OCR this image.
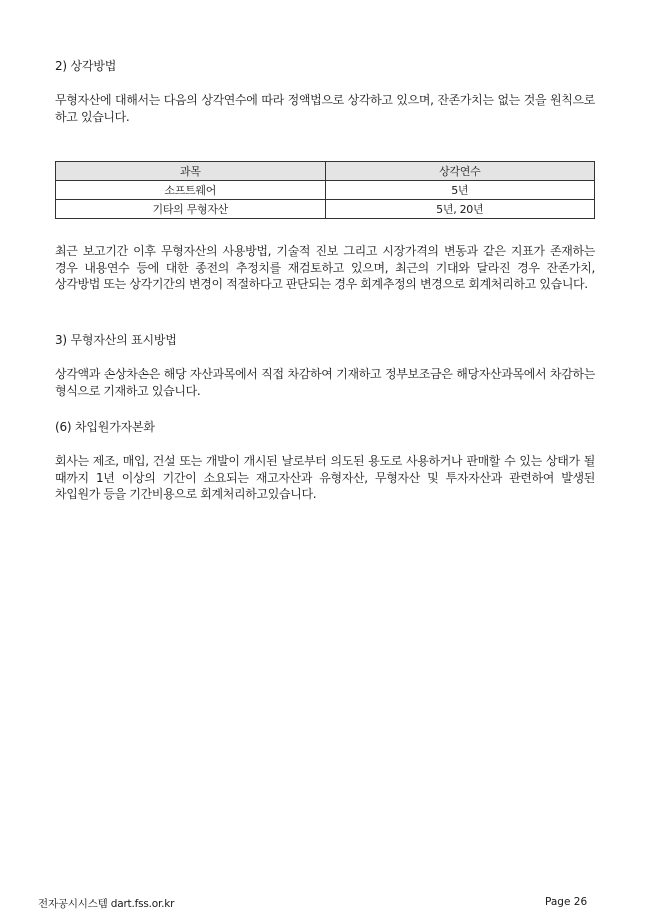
2) 상각방법
무형자산에 대해서는 다음의 상각연수에 따라 정액법으로 상각하고 있으며, 잔존가치는 없는 것을 원칙으로 하고 있습니다.
과목	상각연수
소프트웨어	5년
기타의 무형자산	5년, 20년
최근 보고기간 이후 무형자산의 사용방법, 기술적 진보 그리고 시장가격의 변동과 같은 지표가 존재하는 경우 내용연수 등에 대한 종전의 추정치를 재검토하고 있으며, 최근의 기대와 달라진 경우 잔존가치, 상각방법 또는 상각기간의 변경이 적절하다고 판단되는 경우 회계추정의 변경으로 회계처리하고 있습니다.
3) 무형자산의 표시방법
상각액과 손상차손은 해당 자산과목에서 직접 차감하여 기재하고 정부보조금은 해당자산과목에서 차감하는 형식으로 기재하고 있습니다.
(6) 차입원가자본화
회사는 제조, 매입, 건설 또는 개발이 개시된 날로부터 의도된 용도로 사용하거나 판매할 수 있는 상태가 될 때까지 1년 이상의 기간이 소요되는 재고자산과 유형자산, 무형자산 및 투자자산과 관련하여 발생된 차입원가 등을 기간비용으로 회계처리하고있습니다.
전자공시시스템 dart.fss.or.kr	Page 26
